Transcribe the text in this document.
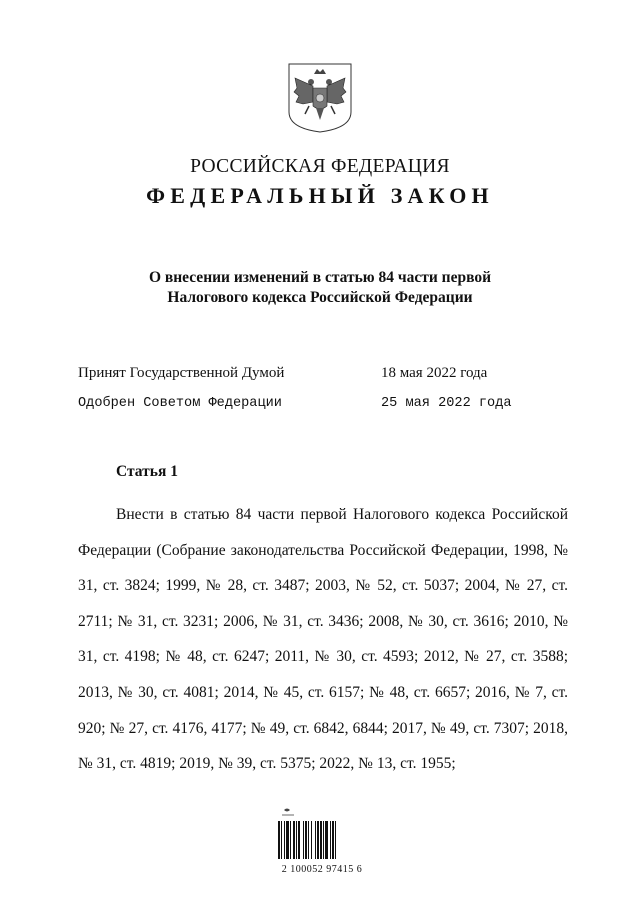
РОССИЙСКАЯ ФЕДЕРАЦИЯ
ФЕДЕРАЛЬНЫЙ ЗАКОН
О внесении изменений в статью 84 части первой
Налогового кодекса Российской Федерации
Принят Государственной Думой	18 мая 2022 года
Одобрен Советом Федерации	25 мая 2022 года
Статья 1

Внести в статью 84 части первой Налогового кодекса Российской Федерации (Собрание законодательства Российской Федерации, 1998, № 31, ст. 3824; 1999, № 28, ст. 3487; 2003, № 52, ст. 5037; 2004, № 27, ст. 2711; № 31, ст. 3231; 2006, № 31, ст. 3436; 2008, № 30, ст. 3616; 2010, № 31, ст. 4198; № 48, ст. 6247; 2011, № 30, ст. 4593; 2012, № 27, ст. 3588; 2013, № 30, ст. 4081; 2014, № 45, ст. 6157; № 48, ст. 6657; 2016, № 7, ст. 920; № 27, ст. 4176, 4177; № 49, ст. 6842, 6844; 2017, № 49, ст. 7307; 2018, № 31, ст. 4819; 2019, № 39, ст. 5375; 2022, № 13, ст. 1955;

2 100052 97415 6
